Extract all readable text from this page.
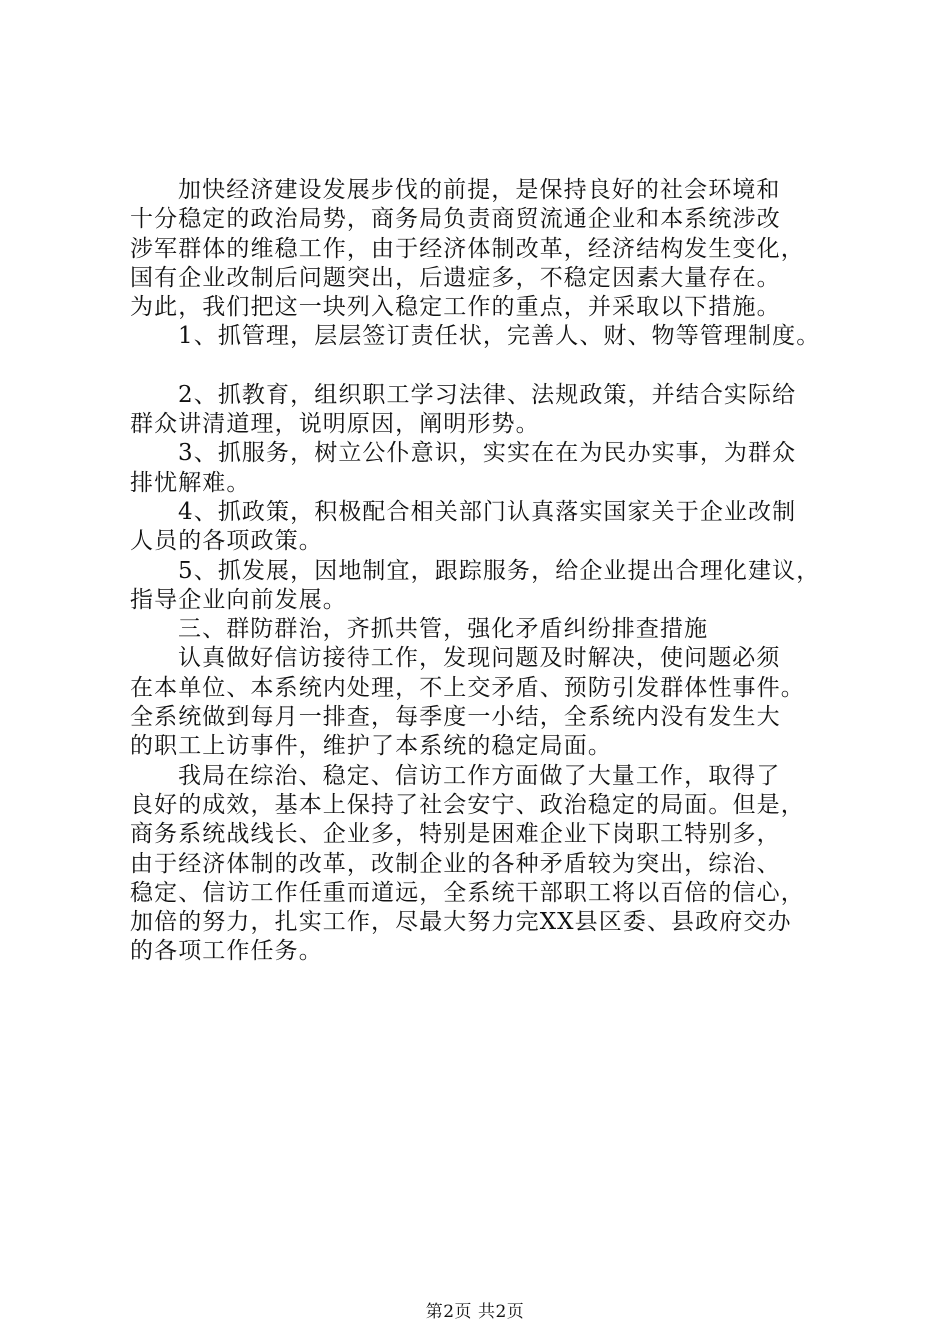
加快经济建设发展步伐的前提，是保持良好的社会环境和
十分稳定的政治局势，商务局负责商贸流通企业和本系统涉改
涉军群体的维稳工作，由于经济体制改革，经济结构发生变化，
国有企业改制后问题突出，后遗症多，不稳定因素大量存在。
为此，我们把这一块列入稳定工作的重点，并采取以下措施。
1、抓管理，层层签订责任状，完善人、财、物等管理制度。
2、抓教育，组织职工学习法律、法规政策，并结合实际给
群众讲清道理，说明原因，阐明形势。
3、抓服务，树立公仆意识，实实在在为民办实事，为群众
排忧解难。
4、抓政策，积极配合相关部门认真落实国家关于企业改制
人员的各项政策。
5、抓发展，因地制宜，跟踪服务，给企业提出合理化建议，
指导企业向前发展。
三、群防群治，齐抓共管，强化矛盾纠纷排查措施
认真做好信访接待工作，发现问题及时解决，使问题必须
在本单位、本系统内处理，不上交矛盾、预防引发群体性事件。
全系统做到每月一排查，每季度一小结，全系统内没有发生大
的职工上访事件，维护了本系统的稳定局面。
我局在综治、稳定、信访工作方面做了大量工作，取得了
良好的成效，基本上保持了社会安宁、政治稳定的局面。但是，
商务系统战线长、企业多，特别是困难企业下岗职工特别多，
由于经济体制的改革，改制企业的各种矛盾较为突出，综治、
稳定、信访工作任重而道远，全系统干部职工将以百倍的信心，
加倍的努力，扎实工作，尽最大努力完XX县区委、县政府交办
的各项工作任务。
第2页 共2页
